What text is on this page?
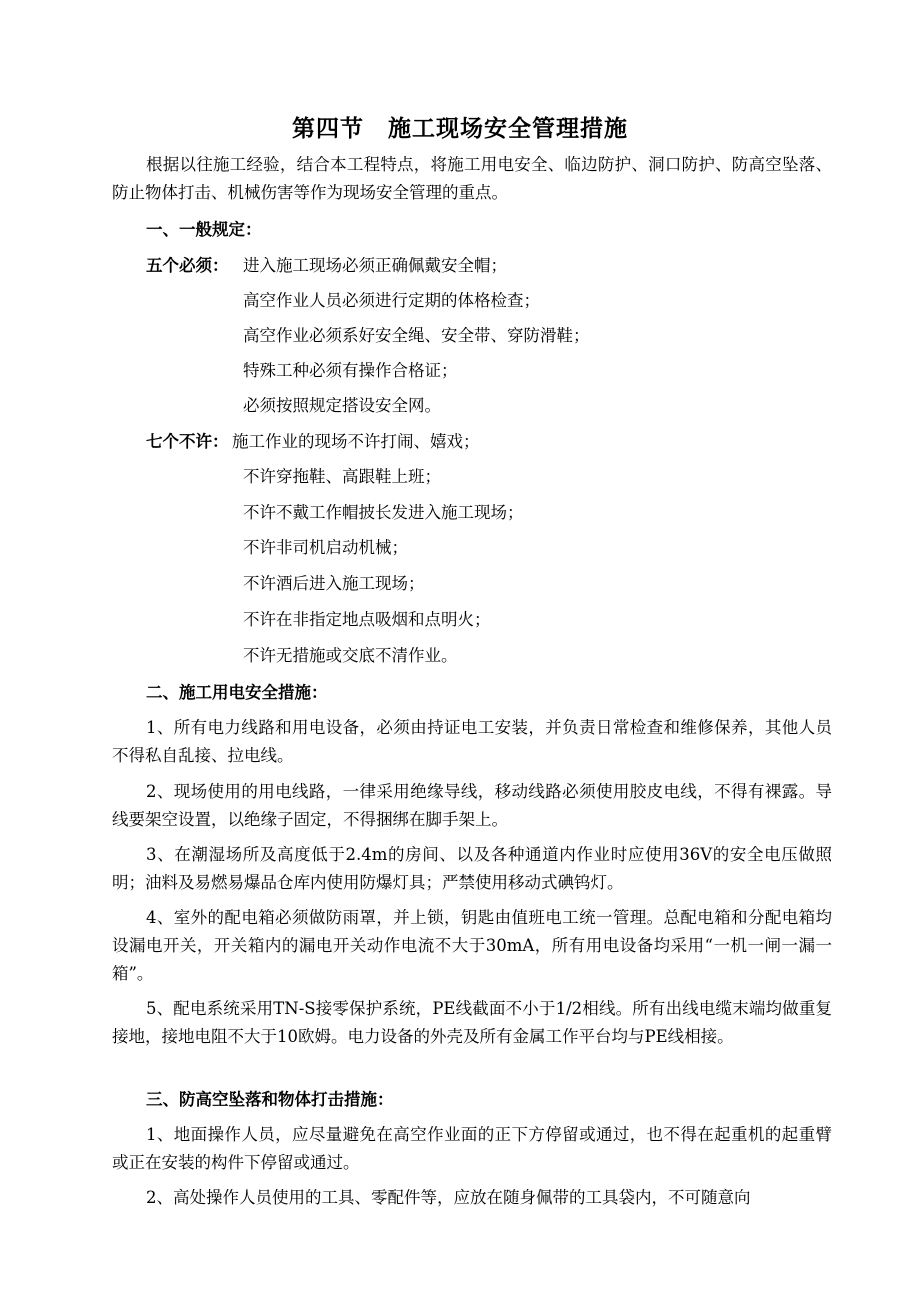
第四节　施工现场安全管理措施

根据以往施工经验，结合本工程特点，将施工用电安全、临边防护、洞口防护、防高空坠落、防止物体打击、机械伤害等作为现场安全管理的重点。

一、一般规定：
五个必须： 进入施工现场必须正确佩戴安全帽；
高空作业人员必须进行定期的体格检查；
高空作业必须系好安全绳、安全带、穿防滑鞋；
特殊工种必须有操作合格证；
必须按照规定搭设安全网。
七个不许： 施工作业的现场不许打闹、嬉戏；
不许穿拖鞋、高跟鞋上班；
不许不戴工作帽披长发进入施工现场；
不许非司机启动机械；
不许酒后进入施工现场；
不许在非指定地点吸烟和点明火；
不许无措施或交底不清作业。
二、施工用电安全措施：

1、所有电力线路和用电设备，必须由持证电工安装，并负责日常检查和维修保养，其他人员不得私自乱接、拉电线。

2、现场使用的用电线路，一律采用绝缘导线，移动线路必须使用胶皮电线，不得有裸露。导线要架空设置，以绝缘子固定，不得捆绑在脚手架上。

3、在潮湿场所及高度低于2.4m的房间、以及各种通道内作业时应使用36V的安全电压做照明；油料及易燃易爆品仓库内使用防爆灯具；严禁使用移动式碘钨灯。

4、室外的配电箱必须做防雨罩，并上锁，钥匙由值班电工统一管理。总配电箱和分配电箱均设漏电开关，开关箱内的漏电开关动作电流不大于30mA，所有用电设备均采用“一机一闸一漏一箱”。

5、配电系统采用TN-S接零保护系统，PE线截面不小于1/2相线。所有出线电缆末端均做重复接地，接地电阻不大于10欧姆。电力设备的外壳及所有金属工作平台均与PE线相接。

三、防高空坠落和物体打击措施：

1、地面操作人员，应尽量避免在高空作业面的正下方停留或通过，也不得在起重机的起重臂或正在安装的构件下停留或通过。

2、高处操作人员使用的工具、零配件等，应放在随身佩带的工具袋内，不可随意向
